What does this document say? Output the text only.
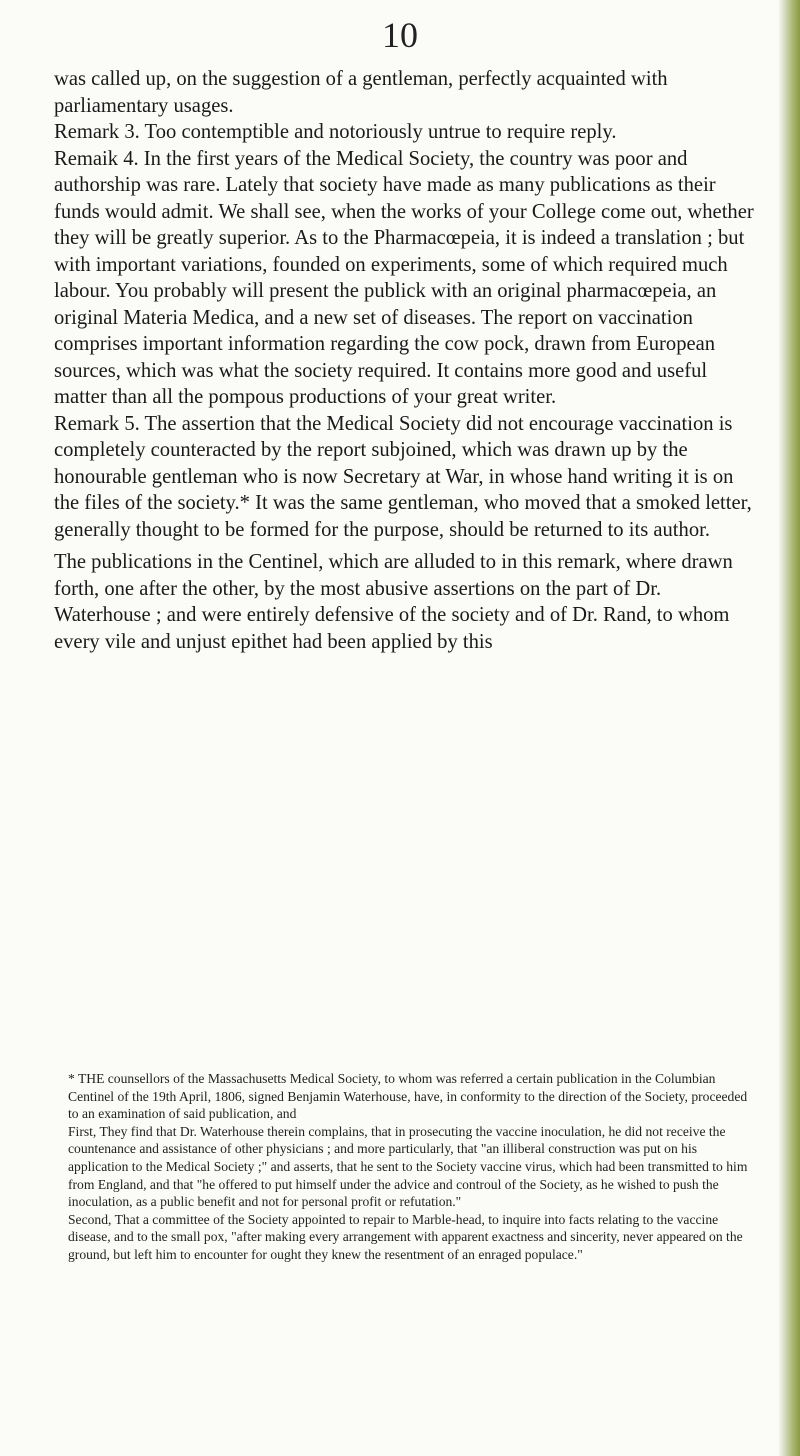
10

was called up, on the suggestion of a gentleman, perfectly acquainted with parliamentary usages.

Remark 3. Too contemptible and notoriously untrue to require reply.

Remaik 4. In the first years of the Medical Society, the country was poor and authorship was rare. Lately that society have made as many publications as their funds would admit. We shall see, when the works of your College come out, whether they will be greatly superior. As to the Pharmacœpeia, it is indeed a translation ; but with important variations, founded on experiments, some of which required much labour. You probably will present the publick with an original pharmacœpeia, an original Materia Medica, and a new set of diseases. The report on vaccination comprises important information regarding the cow pock, drawn from European sources, which was what the society required. It contains more good and useful matter than all the pompous productions of your great writer.

Remark 5. The assertion that the Medical Society did not encourage vaccination is completely counteracted by the report subjoined, which was drawn up by the honourable gentleman who is now Secretary at War, in whose hand writing it is on the files of the society.* It was the same gentleman, who moved that a smoked letter, generally thought to be formed for the purpose, should be returned to its author.

The publications in the Centinel, which are alluded to in this remark, where drawn forth, one after the other, by the most abusive assertions on the part of Dr. Waterhouse ; and were entirely defensive of the society and of Dr. Rand, to whom every vile and unjust epithet had been applied by this

* THE counsellors of the Massachusetts Medical Society, to whom was referred a certain publication in the Columbian Centinel of the 19th April, 1806, signed Benjamin Waterhouse, have, in conformity to the direction of the Society, proceeded to an examination of said publication, and

First, They find that Dr. Waterhouse therein complains, that in prosecuting the vaccine inoculation, he did not receive the countenance and assistance of other physicians ; and more particularly, that "an illiberal construction was put on his application to the Medical Society ;" and asserts, that he sent to the Society vaccine virus, which had been transmitted to him from England, and that "he offered to put himself under the advice and controul of the Society, as he wished to push the inoculation, as a public benefit and not for personal profit or refutation."

Second, That a committee of the Society appointed to repair to Marble-head, to inquire into facts relating to the vaccine disease, and to the small pox, "after making every arrangement with apparent exactness and sincerity, never appeared on the ground, but left him to encounter for ought they knew the resentment of an enraged populace."
